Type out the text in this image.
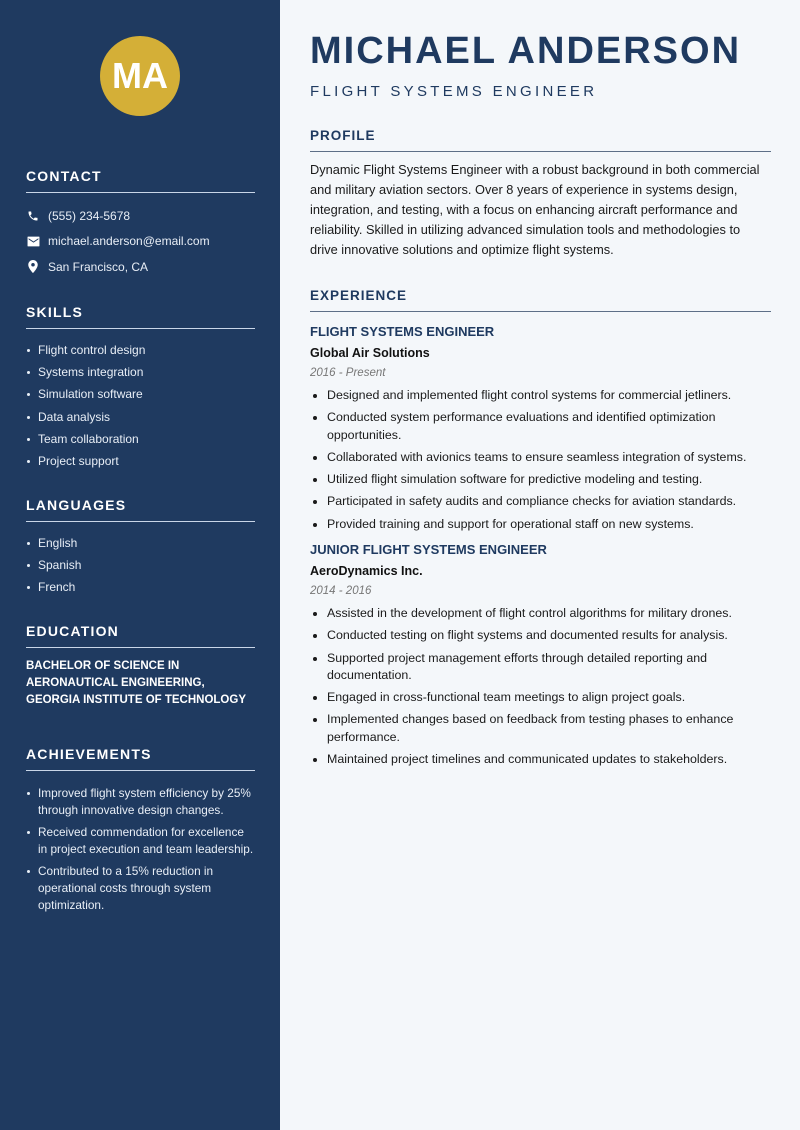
MA
CONTACT
(555) 234-5678
michael.anderson@email.com
San Francisco, CA
SKILLS
Flight control design
Systems integration
Simulation software
Data analysis
Team collaboration
Project support
LANGUAGES
English
Spanish
French
EDUCATION
BACHELOR OF SCIENCE IN AERONAUTICAL ENGINEERING, GEORGIA INSTITUTE OF TECHNOLOGY
ACHIEVEMENTS
Improved flight system efficiency by 25% through innovative design changes.
Received commendation for excellence in project execution and team leadership.
Contributed to a 15% reduction in operational costs through system optimization.
MICHAEL ANDERSON
FLIGHT SYSTEMS ENGINEER
PROFILE

Dynamic Flight Systems Engineer with a robust background in both commercial and military aviation sectors. Over 8 years of experience in systems design, integration, and testing, with a focus on enhancing aircraft performance and reliability. Skilled in utilizing advanced simulation tools and methodologies to drive innovative solutions and optimize flight systems.

EXPERIENCE
FLIGHT SYSTEMS ENGINEER
Global Air Solutions
2016 - Present
Designed and implemented flight control systems for commercial jetliners.
Conducted system performance evaluations and identified optimization opportunities.
Collaborated with avionics teams to ensure seamless integration of systems.
Utilized flight simulation software for predictive modeling and testing.
Participated in safety audits and compliance checks for aviation standards.
Provided training and support for operational staff on new systems.
JUNIOR FLIGHT SYSTEMS ENGINEER
AeroDynamics Inc.
2014 - 2016
Assisted in the development of flight control algorithms for military drones.
Conducted testing on flight systems and documented results for analysis.
Supported project management efforts through detailed reporting and documentation.
Engaged in cross-functional team meetings to align project goals.
Implemented changes based on feedback from testing phases to enhance performance.
Maintained project timelines and communicated updates to stakeholders.
